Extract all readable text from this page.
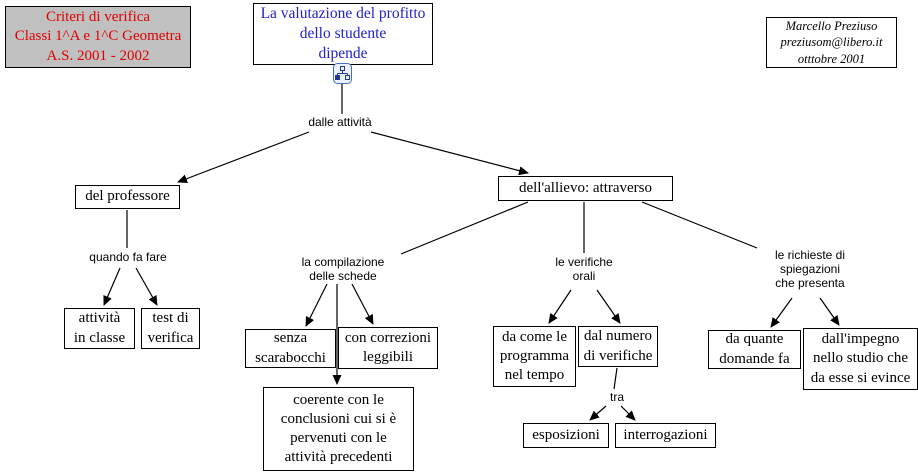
Criteri di verifica
Classi 1^A e 1^C Geometra
A.S. 2001 - 2002
La valutazione del profitto
dello studente
dipende
Marcello Preziuso
preziusom@libero.it
otttobre 2001
dalle attività
quando fa fare	la compilazione
delle schede
le verifiche
orali
tra
le richieste di
spiegazioni
che presenta
del professore
dell'allievo: attraverso
attività
in classe
test di
verifica	senza
scarabocchi
con correzioni
leggibili
coerente con le
conclusioni cui si è
pervenuti con le
attività precedenti
da come le
programma
nel tempo
dal numero
di verifiche
esposizioni	interrogazioni
da quante
domande fa
dall'impegno
nello studio che
da esse si evince
